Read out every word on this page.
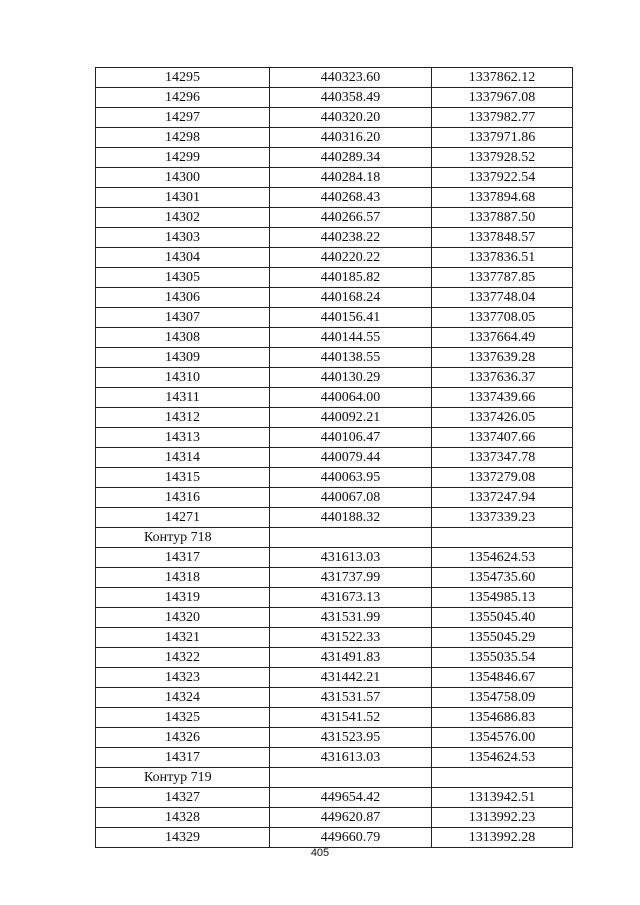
14295	440323.60	1337862.12
14296	440358.49	1337967.08
14297	440320.20	1337982.77
14298	440316.20	1337971.86
14299	440289.34	1337928.52
14300	440284.18	1337922.54
14301	440268.43	1337894.68
14302	440266.57	1337887.50
14303	440238.22	1337848.57
14304	440220.22	1337836.51
14305	440185.82	1337787.85
14306	440168.24	1337748.04
14307	440156.41	1337708.05
14308	440144.55	1337664.49
14309	440138.55	1337639.28
14310	440130.29	1337636.37
14311	440064.00	1337439.66
14312	440092.21	1337426.05
14313	440106.47	1337407.66
14314	440079.44	1337347.78
14315	440063.95	1337279.08
14316	440067.08	1337247.94
14271	440188.32	1337339.23
Контур 718		
14317	431613.03	1354624.53
14318	431737.99	1354735.60
14319	431673.13	1354985.13
14320	431531.99	1355045.40
14321	431522.33	1355045.29
14322	431491.83	1355035.54
14323	431442.21	1354846.67
14324	431531.57	1354758.09
14325	431541.52	1354686.83
14326	431523.95	1354576.00
14317	431613.03	1354624.53
Контур 719		
14327	449654.42	1313942.51
14328	449620.87	1313992.23
14329	449660.79	1313992.28
405
